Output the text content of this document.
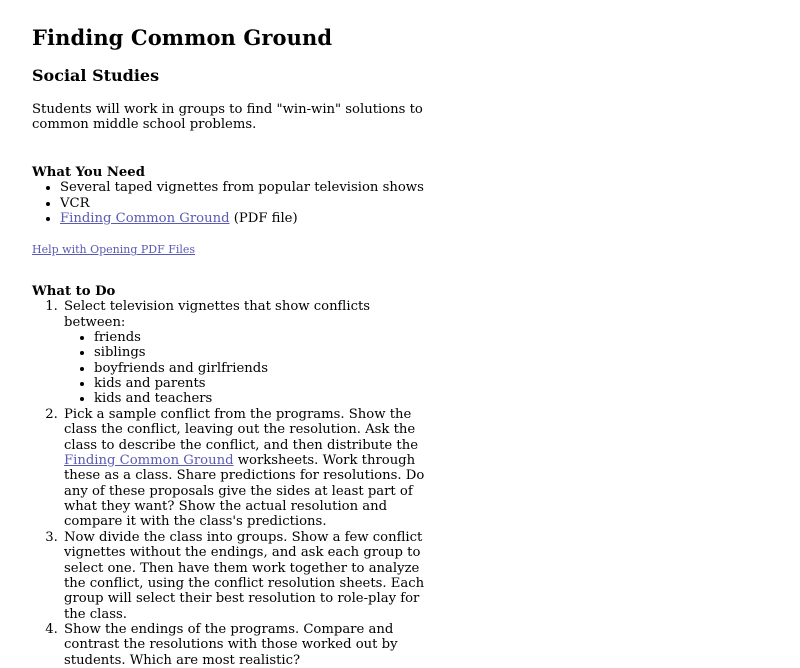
Finding Common Ground
Social Studies

Students will work in groups to find "win-win" solutions to common middle school problems.

What You Need
• Several taped vignettes from popular television shows
• VCR
• Finding Common Ground (PDF file)

Help with Opening PDF Files

What to Do
1. Select television vignettes that show conflicts between:
• friends
• siblings
• boyfriends and girlfriends
• kids and parents
• kids and teachers
2. Pick a sample conflict from the programs. Show the class the conflict, leaving out the resolution. Ask the class to describe the conflict, and then distribute the Finding Common Ground worksheets. Work through these as a class. Share predictions for resolutions. Do any of these proposals give the sides at least part of what they want? Show the actual resolution and compare it with the class's predictions.
3. Now divide the class into groups. Show a few conflict vignettes without the endings, and ask each group to select one. Then have them work together to analyze the conflict, using the conflict resolution sheets. Each group will select their best resolution to role-play for the class.
4. Show the endings of the programs. Compare and contrast the resolutions with those worked out by students. Which are most realistic?
